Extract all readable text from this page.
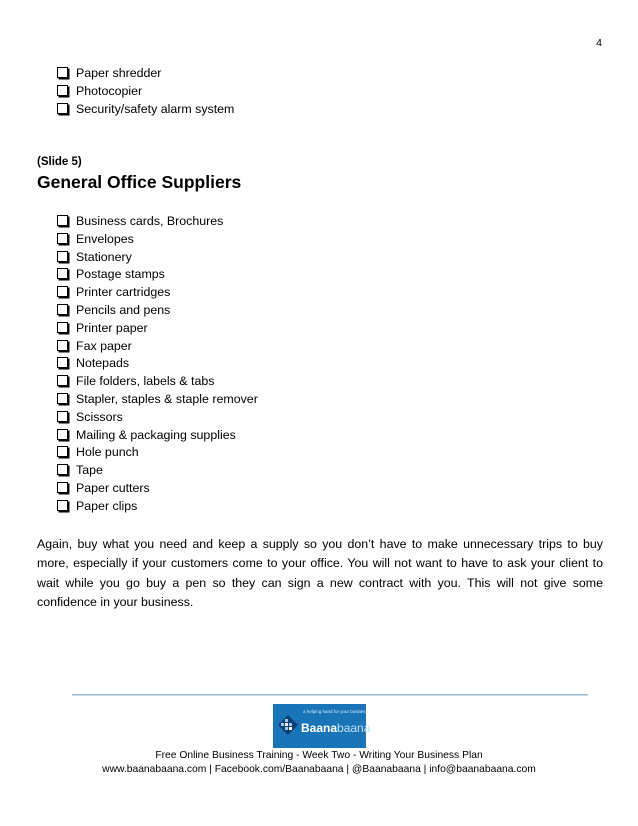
4
Paper shredder
Photocopier
Security/safety alarm system
(Slide 5)
General Office Suppliers
Business cards, Brochures
Envelopes
Stationery
Postage stamps
Printer cartridges
Pencils and pens
Printer paper
Fax paper
Notepads
File folders, labels & tabs
Stapler, staples & staple remover
Scissors
Mailing & packaging supplies
Hole punch
Tape
Paper cutters
Paper clips

Again, buy what you need and keep a supply so you don’t have to make unnecessary trips to buy more, especially if your customers come to your office. You will not want to have to ask your client to wait while you go buy a pen so they can sign a new contract with you. This will not give some confidence in your business.

a helping hand for your business
Baanabaana
Free Online Business Training - Week Two - Writing Your Business Plan
www.baanabaana.com | Facebook.com/Baanabaana | @Baanabaana | info@baanabaana.com
